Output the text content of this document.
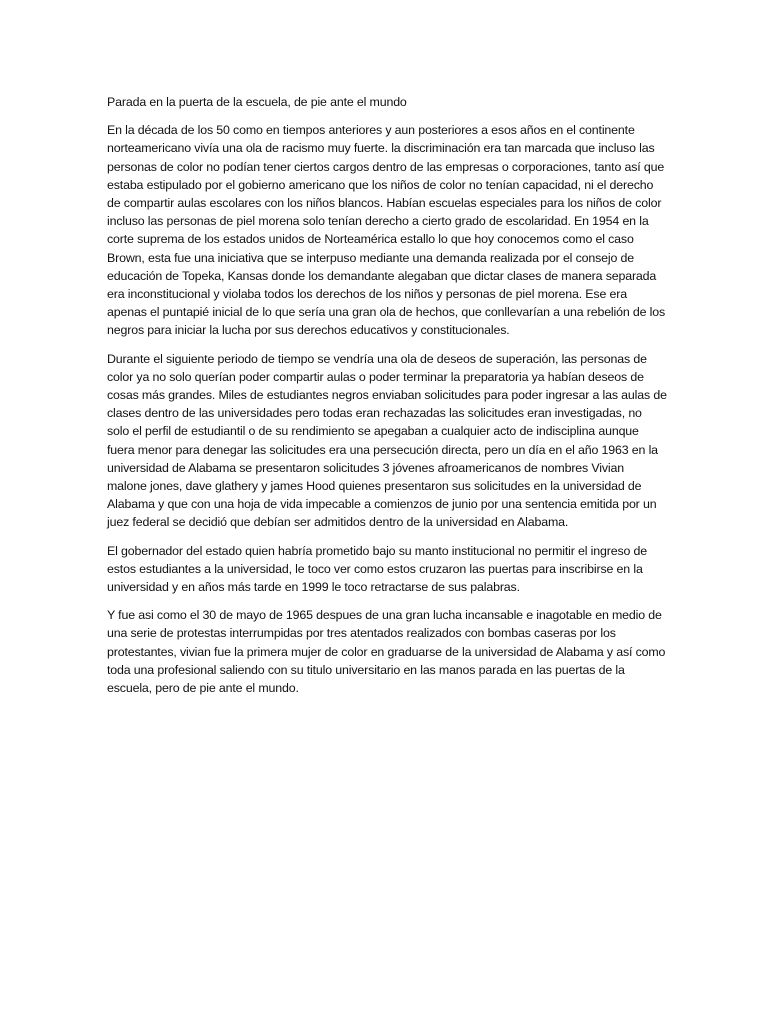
Parada en la puerta de la escuela, de pie ante el mundo

En la década de los 50 como en tiempos anteriores y aun posteriores a esos años en el continente norteamericano vivía una ola de racismo muy fuerte. la discriminación era tan marcada que incluso las personas de color no podían tener ciertos cargos dentro de las empresas o corporaciones, tanto así que estaba estipulado por el gobierno americano que los niños de color no tenían capacidad, ni el derecho de compartir aulas escolares con los niños blancos. Habían escuelas especiales para los niños de color incluso las personas de piel morena solo tenían derecho a cierto grado de escolaridad. En 1954 en la corte suprema de los estados unidos de Norteamérica estallo lo que hoy conocemos como el caso Brown, esta fue una iniciativa que se interpuso mediante una demanda realizada por el consejo de educación de Topeka, Kansas donde los demandante alegaban que dictar clases de manera separada era inconstitucional y violaba todos los derechos de los niños y personas de piel morena. Ese era apenas el puntapié inicial de lo que sería una gran ola de hechos, que conllevarían a una rebelión de los negros para iniciar la lucha por sus derechos educativos y constitucionales.

Durante el siguiente periodo de tiempo se vendría una ola de deseos de superación, las personas de color ya no solo querían poder compartir aulas o poder terminar la preparatoria ya habían deseos de cosas más grandes. Miles de estudiantes negros enviaban solicitudes para poder ingresar a las aulas de clases dentro de las universidades pero todas eran rechazadas las solicitudes eran investigadas, no solo el perfil de estudiantil o de su rendimiento se apegaban a cualquier acto de indisciplina aunque fuera menor para denegar las solicitudes era una persecución directa, pero un día en el año 1963 en la universidad de Alabama se presentaron solicitudes 3 jóvenes afroamericanos de nombres Vivian malone jones, dave glathery y james Hood quienes presentaron sus solicitudes en la universidad de Alabama y que con una hoja de vida impecable a comienzos de junio por una sentencia emitida por un juez federal se decidió que debían ser admitidos dentro de la universidad en Alabama.

El gobernador del estado quien habría prometido bajo su manto institucional no permitir el ingreso de estos estudiantes a la universidad, le toco ver como estos cruzaron las puertas para inscribirse en la universidad y en años más tarde en 1999 le toco retractarse de sus palabras.

Y fue asi como el 30 de mayo de 1965 despues de una gran lucha incansable e inagotable en medio de una serie de protestas interrumpidas por tres atentados realizados con bombas caseras por los protestantes, vivian fue la primera mujer de color en graduarse de la universidad de Alabama y así como toda una profesional saliendo con su titulo universitario en las manos parada en las puertas de la escuela, pero de pie ante el mundo.
